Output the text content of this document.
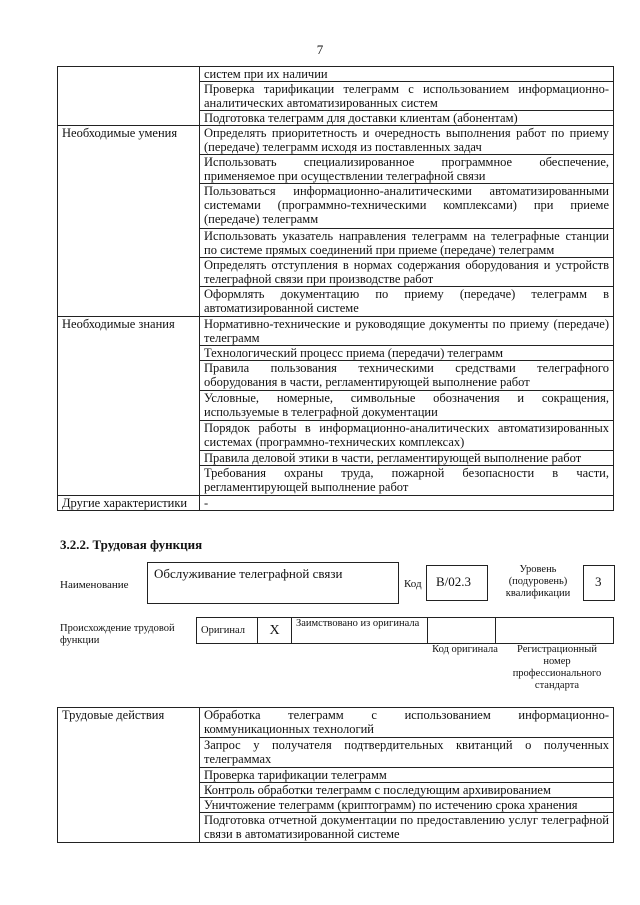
7
	систем при их наличии
	Проверка тарификации телеграмм с использованием информационно-аналитических автоматизированных систем
	Подготовка телеграмм для доставки клиентам (абонентам)
Необходимые умения	Определять приоритетность и очередность выполнения работ по приему (передаче) телеграмм исходя из поставленных задач
	Использовать специализированное программное обеспечение, применяемое при осуществлении телеграфной связи
	Пользоваться информационно-аналитическими автоматизированными системами (программно-техническими комплексами) при приеме (передаче) телеграмм
	Использовать указатель направления телеграмм на телеграфные станции по системе прямых соединений при приеме (передаче) телеграмм
	Определять отступления в нормах содержания оборудования и устройств телеграфной связи при производстве работ
	Оформлять документацию по приему (передаче) телеграмм в автоматизированной системе
Необходимые знания	Нормативно-технические и руководящие документы по приему (передаче) телеграмм
	Технологический процесс приема (передачи) телеграмм
	Правила пользования техническими средствами телеграфного оборудования в части, регламентирующей выполнение работ
	Условные, номерные, символьные обозначения и сокращения, используемые в телеграфной документации
	Порядок работы в информационно-аналитических автоматизированных системах (программно-технических комплексах)
	Правила деловой этики в части, регламентирующей выполнение работ
	Требования охраны труда, пожарной безопасности в части, регламентирующей выполнение работ
Другие характеристики	-
3.2.2. Трудовая функция
Наименование
Обслуживание телеграфной связи
Код	B/02.3
Уровень (подуровень) квалификации
3
Происхождение трудовой функции
Оригинал	X	Заимствовано из оригинала		
Код оригинала	Регистрационный номер профессионального стандарта
Трудовые действия	Обработка телеграмм с использованием информационно-коммуникационных технологий
Запрос у получателя подтвердительных квитанций о полученных телеграммах
Проверка тарификации телеграмм
Контроль обработки телеграмм с последующим архивированием
Уничтожение телеграмм (криптограмм) по истечению срока хранения
Подготовка отчетной документации по предоставлению услуг телеграфной связи в автоматизированной системе
